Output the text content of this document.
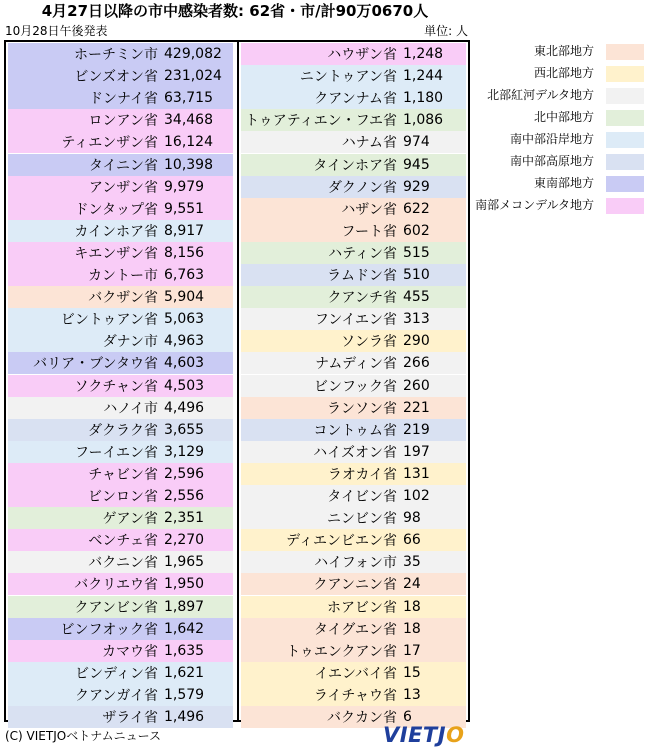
4月27日以降の市中感染者数: 62省・市/計90万0670人
10月28日午後発表	単位: 人
ホーチミン市 429,082
ビンズオン省 231,024
ドンナイ省 63,715
ロンアン省 34,468
ティエンザン省 16,124
タイニン省 10,398
アンザン省 9,979
ドンタップ省 9,551
カインホア省 8,917
キエンザン省 8,156
カントー市 6,763
バクザン省 5,904
ビントゥアン省 5,063
ダナン市 4,963
バリア・ブンタウ省 4,603
ソクチャン省 4,503
ハノイ市 4,496
ダクラク省 3,655
フーイエン省 3,129
チャビン省 2,596
ビンロン省 2,556
ゲアン省 2,351
ベンチェ省 2,270
バクニン省 1,965
バクリエウ省 1,950
クアンビン省 1,897
ビンフオック省 1,642
カマウ省 1,635
ビンディン省 1,621
クアンガイ省 1,579
ザライ省 1,496
ハウザン省 1,248
ニントゥアン省 1,244
クアンナム省 1,180
トゥアティエン・フエ省 1,086
ハナム省 974
タインホア省 945
ダクノン省 929
ハザン省 622
フート省 602
ハティン省 515
ラムドン省 510
クアンチ省 455
フンイエン省 313
ソンラ省 290
ナムディン省 266
ビンフック省 260
ランソン省 221
コントゥム省 219
ハイズオン省 197
ラオカイ省 131
タイビン省 102
ニンビン省 98
ディエンビエン省 66
ハイフォン市 35
クアンニン省 24
ホアビン省 18
タイグエン省 18
トゥエンクアン省 17
イエンバイ省 15
ライチャウ省 13
バクカン省 6
東北部地方
西北部地方
北部紅河デルタ地方
北中部地方
南中部沿岸地方
南中部高原地方
東南部地方
南部メコンデルタ地方
(C) VIETJOベトナムニュース	VIETJO
